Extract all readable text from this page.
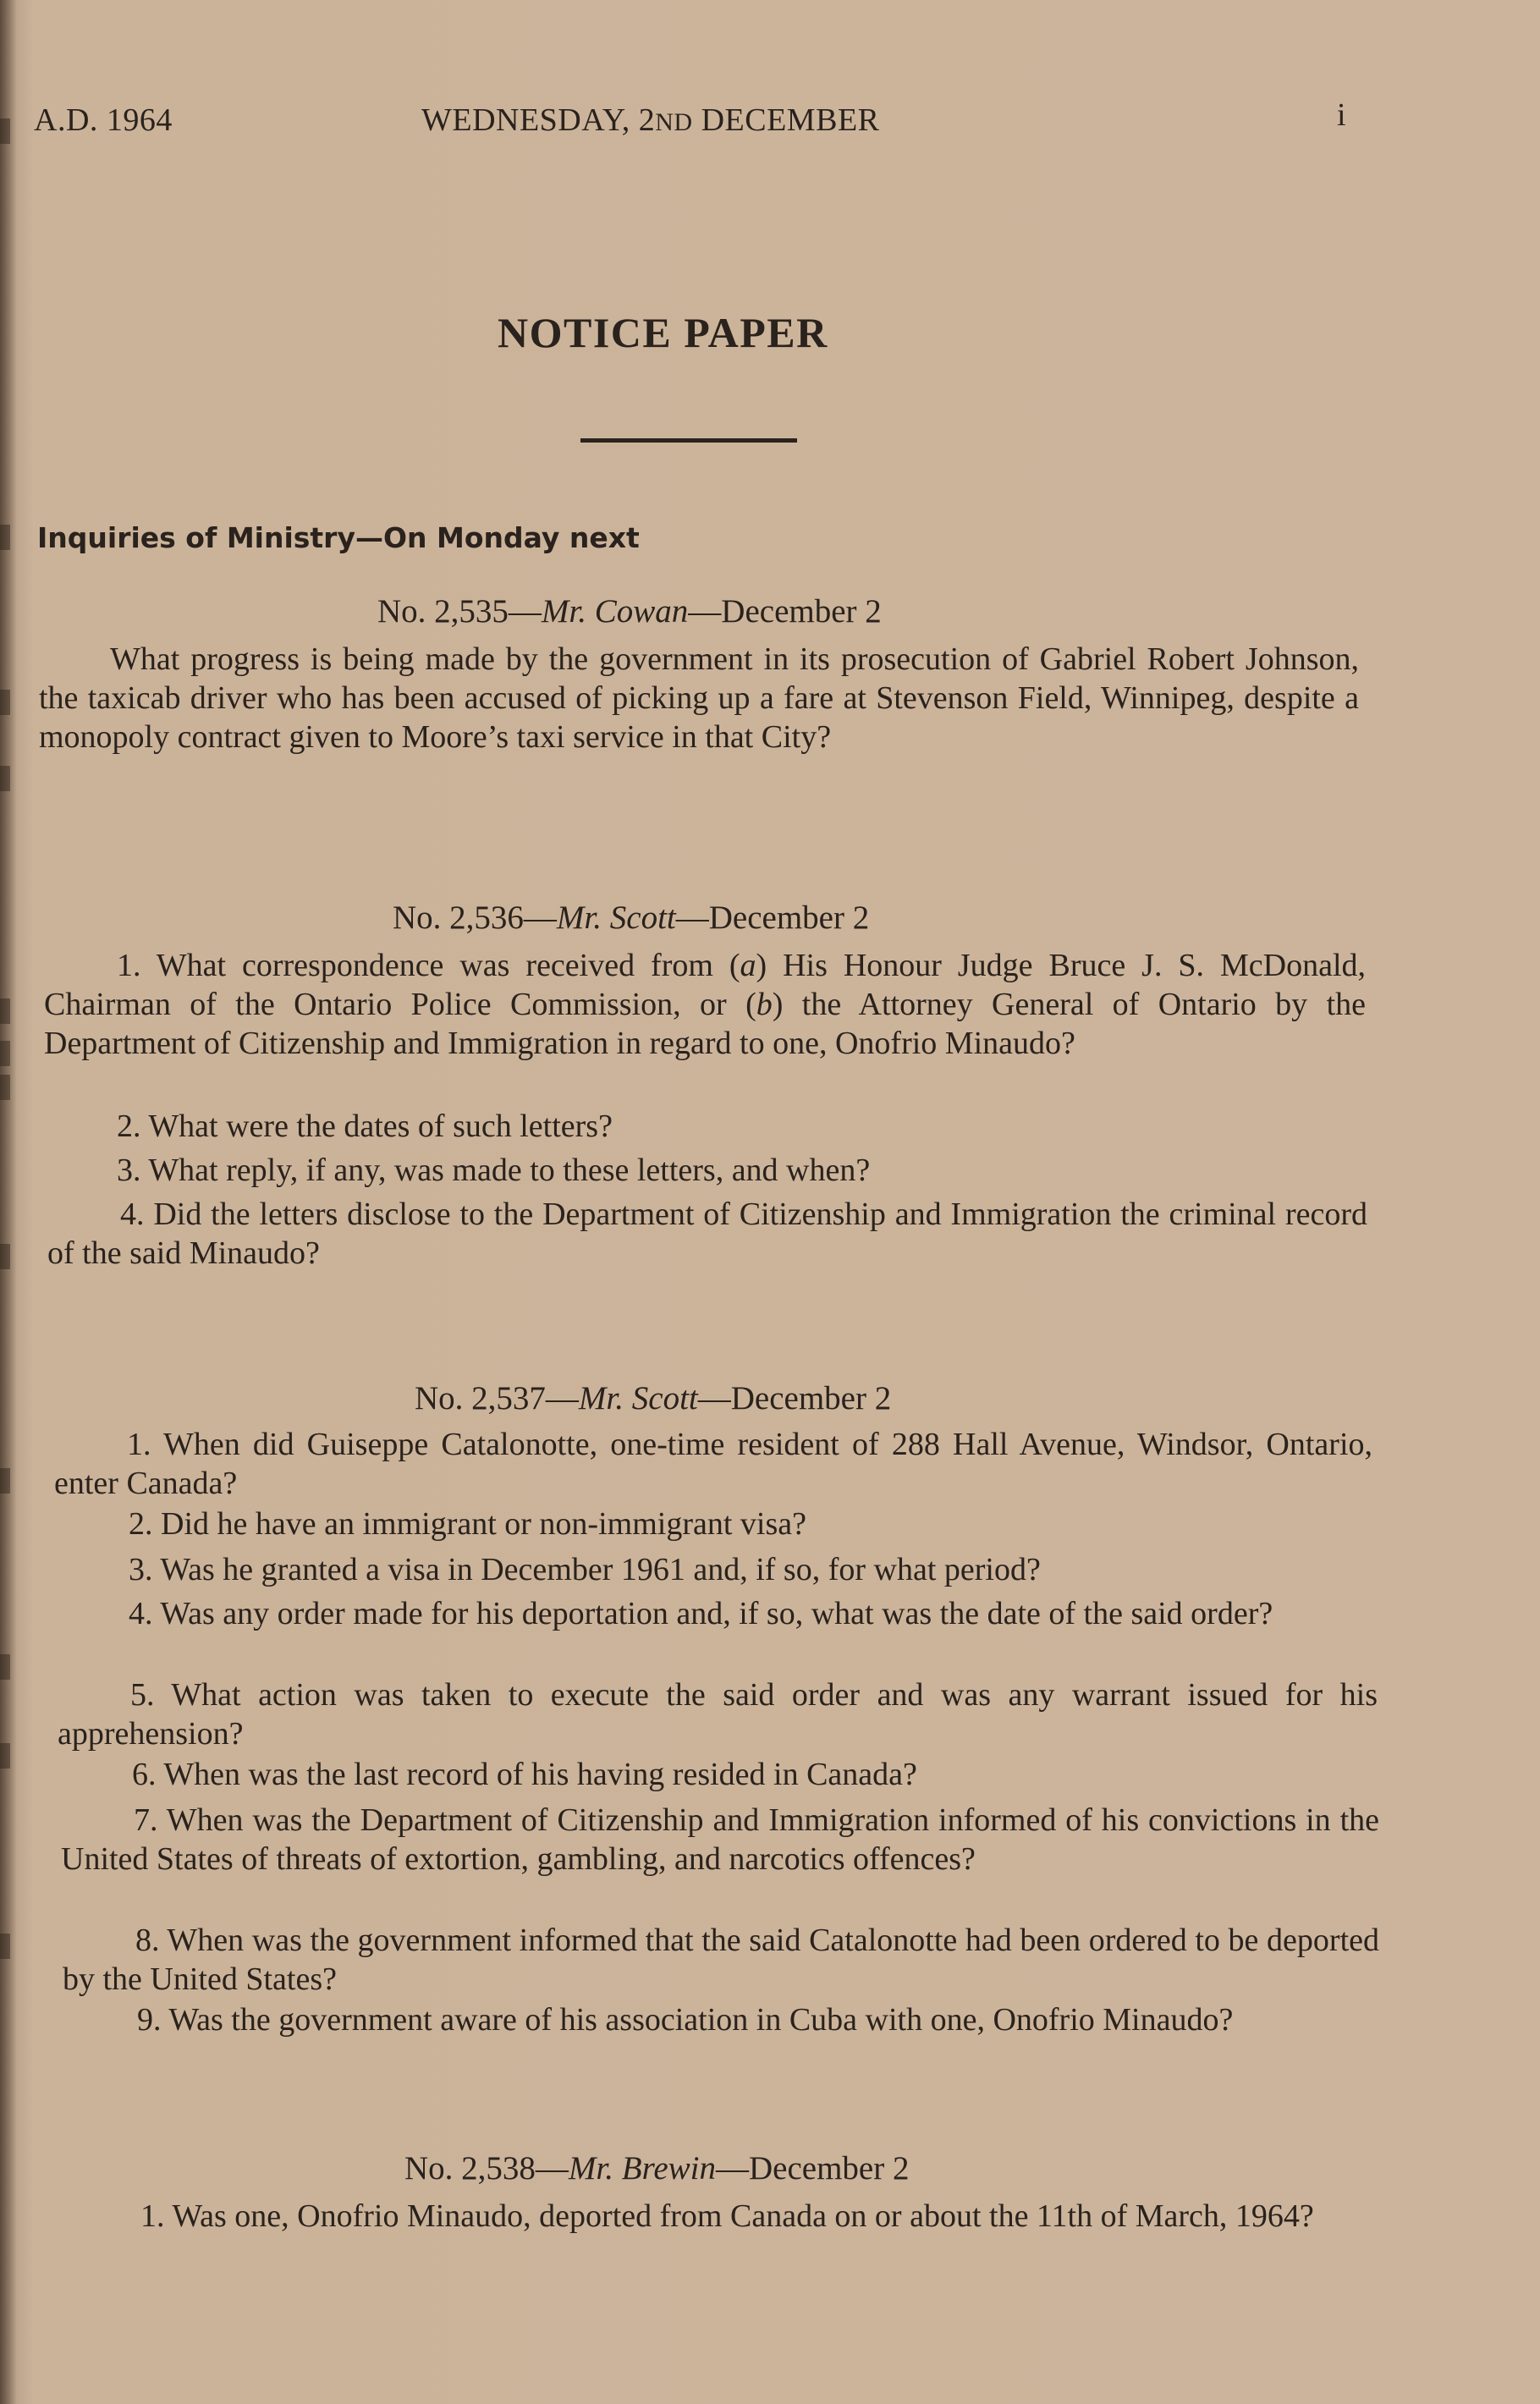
A.D. 1964	WEDNESDAY, 2ND DECEMBER	i
NOTICE PAPER
Inquiries of Ministry—On Monday next
No. 2,535—Mr. Cowan—December 2
What progress is being made by the government in its prosecution of Gabriel Robert Johnson, the taxicab driver who has been accused of picking up a fare at Stevenson Field, Winnipeg, despite a monopoly contract given to Moore’s taxi service in that City?
No. 2,536—Mr. Scott—December 2
1. What correspondence was received from (a) His Honour Judge Bruce J. S. McDonald, Chairman of the Ontario Police Commission, or (b) the Attorney General of Ontario by the Department of Citizenship and Immigration in regard to one, Onofrio Minaudo?
2. What were the dates of such letters?
3. What reply, if any, was made to these letters, and when?
4. Did the letters disclose to the Department of Citizenship and Immigration the criminal record of the said Minaudo?
No. 2,537—Mr. Scott—December 2
1. When did Guiseppe Catalonotte, one-time resident of 288 Hall Avenue, Windsor, Ontario, enter Canada?
2. Did he have an immigrant or non-immigrant visa?
3. Was he granted a visa in December 1961 and, if so, for what period?
4. Was any order made for his deportation and, if so, what was the date of the said order?
5. What action was taken to execute the said order and was any warrant issued for his apprehension?
6. When was the last record of his having resided in Canada?
7. When was the Department of Citizenship and Immigration informed of his convictions in the United States of threats of extortion, gambling, and narcotics offences?
8. When was the government informed that the said Catalonotte had been ordered to be deported by the United States?
9. Was the government aware of his association in Cuba with one, Onofrio Minaudo?
No. 2,538—Mr. Brewin—December 2
1. Was one, Onofrio Minaudo, deported from Canada on or about the 11th of March, 1964?
